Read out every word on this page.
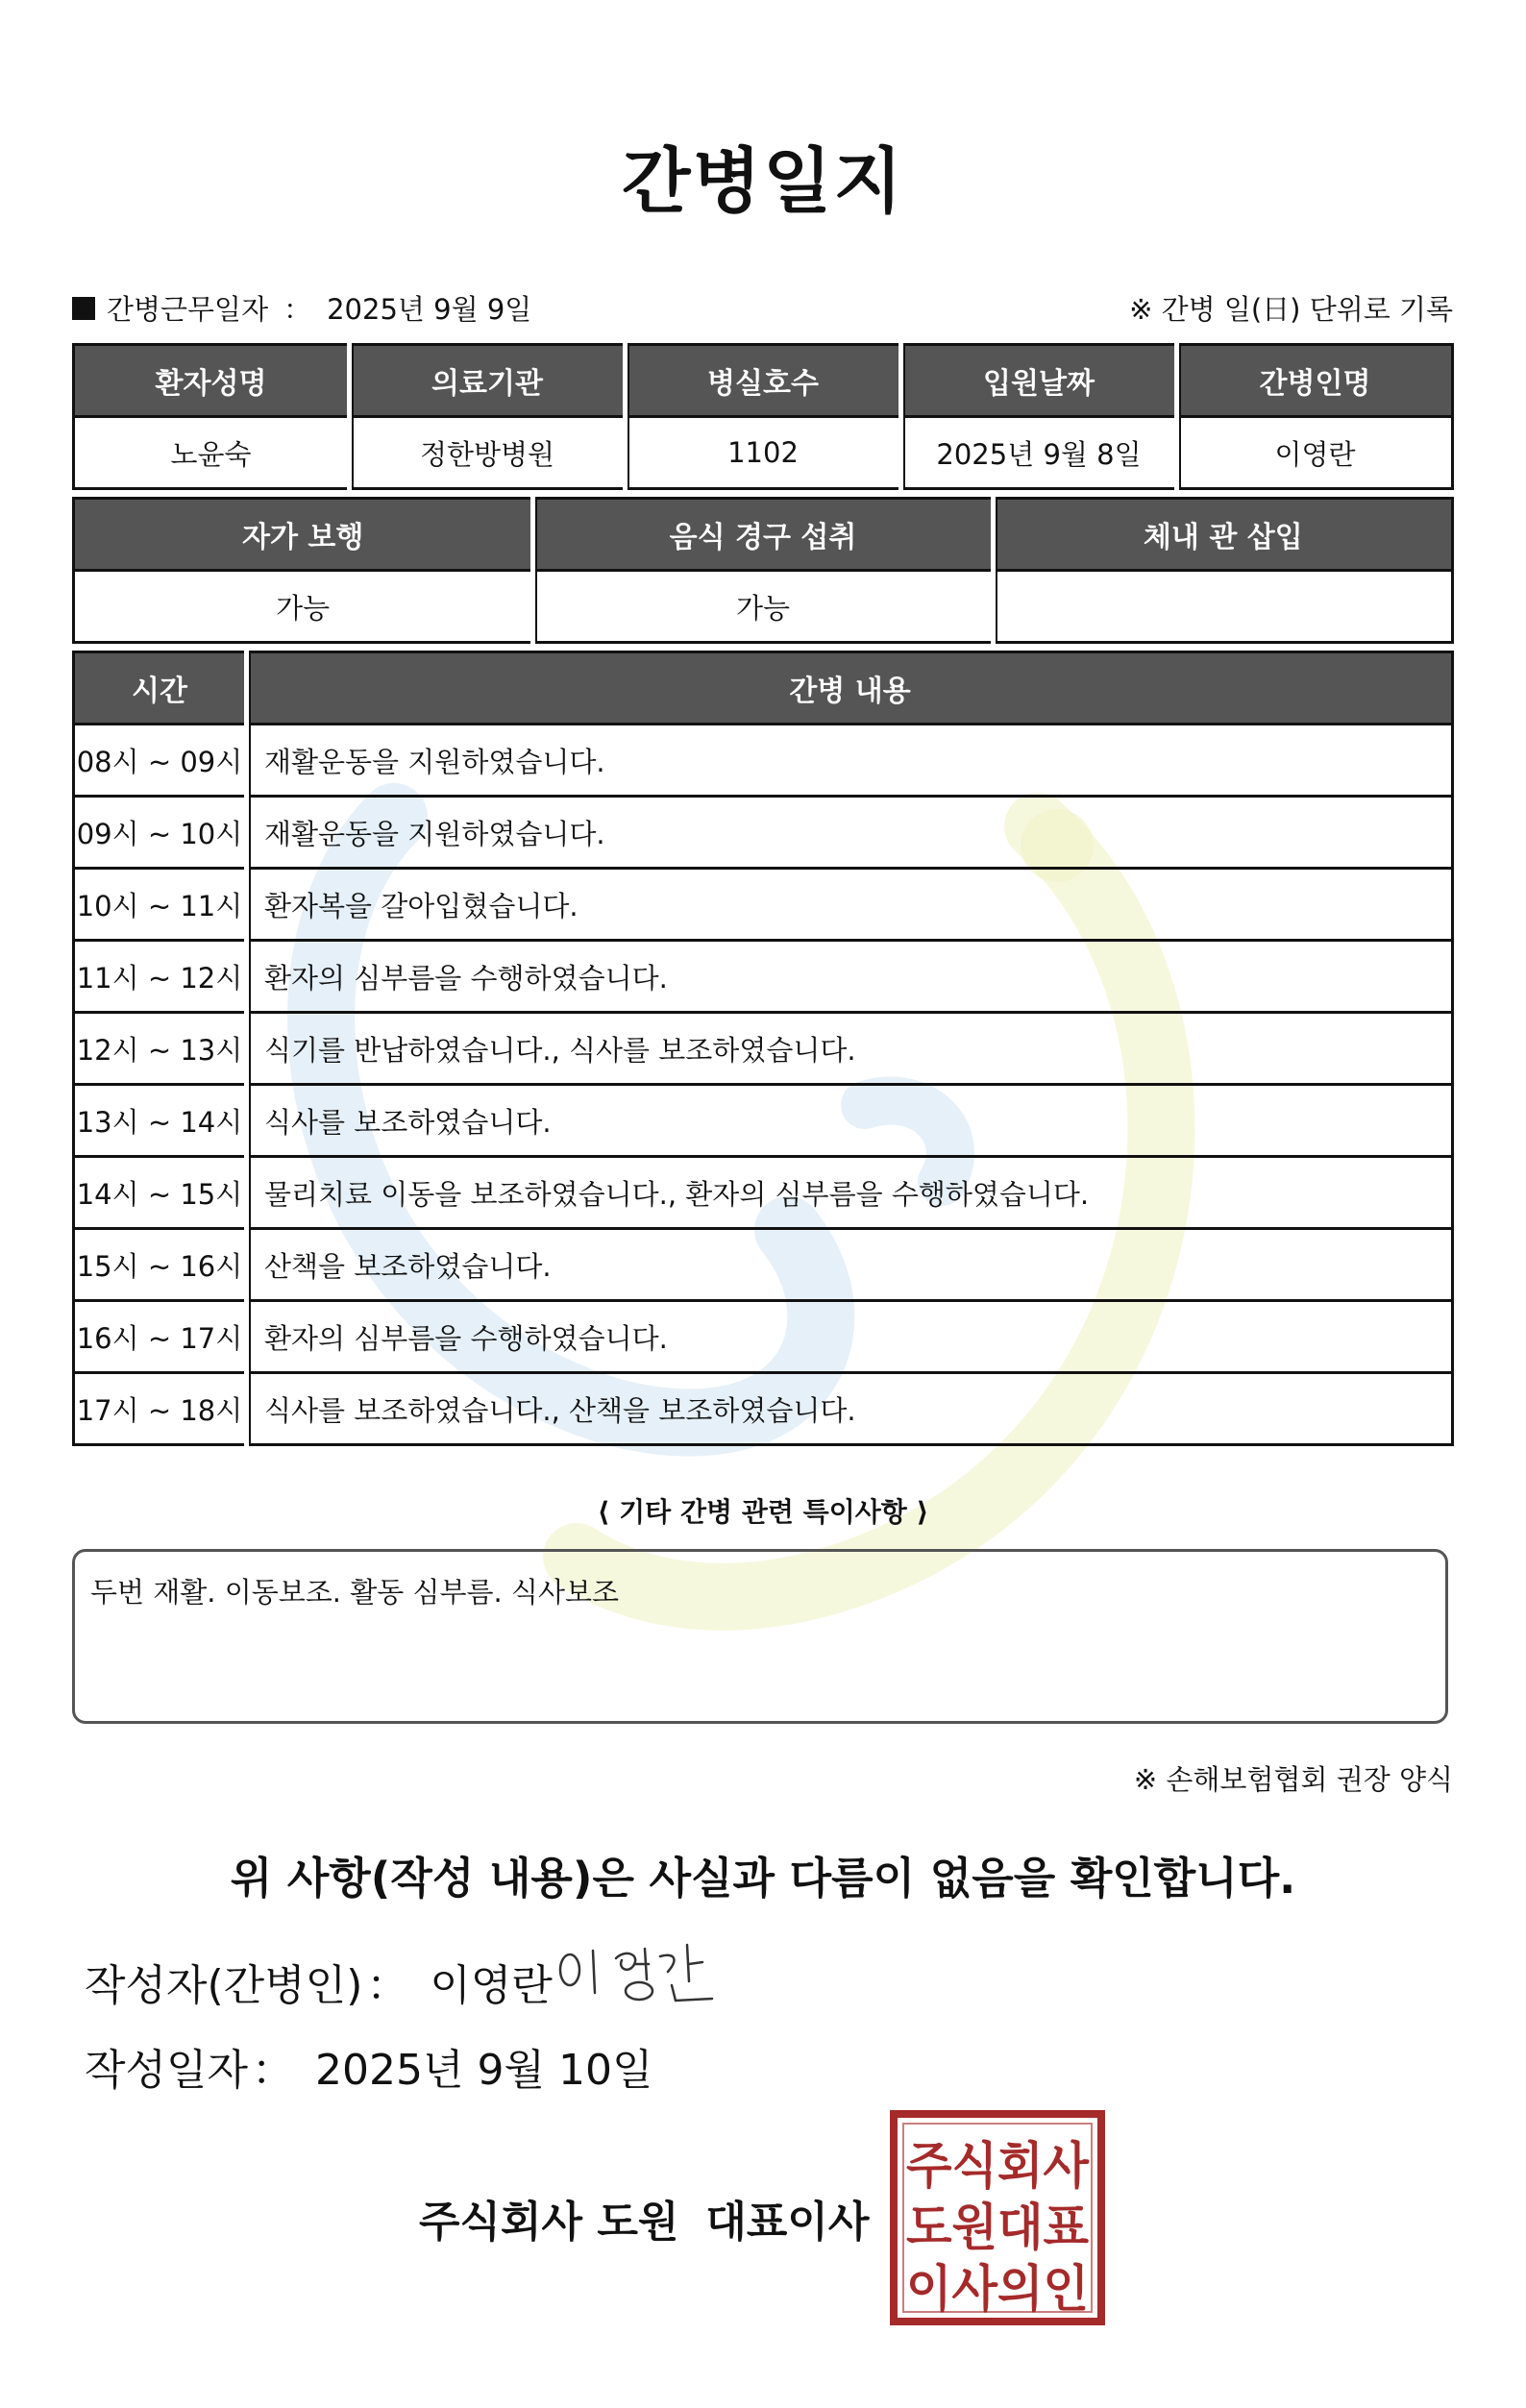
간병일지
간병근무일자 ： 2025년 9월 9일	※ 간병 일(日) 단위로 기록
환자성명	의료기관	병실호수	입원날짜	간병인명
노윤숙	정한방병원	1102	2025년 9월 8일	이영란
자가 보행	음식 경구 섭취	체내 관 삽입
가능	가능	
시간	간병 내용
08시 ~ 09시	재활운동을 지원하였습니다.
09시 ~ 10시	재활운동을 지원하였습니다.
10시 ~ 11시	환자복을 갈아입혔습니다.
11시 ~ 12시	환자의 심부름을 수행하였습니다.
12시 ~ 13시	식기를 반납하였습니다., 식사를 보조하였습니다.
13시 ~ 14시	식사를 보조하였습니다.
14시 ~ 15시	물리치료 이동을 보조하였습니다., 환자의 심부름을 수행하였습니다.
15시 ~ 16시	산책을 보조하였습니다.
16시 ~ 17시	환자의 심부름을 수행하였습니다.
17시 ~ 18시	식사를 보조하였습니다., 산책을 보조하였습니다.
⟨ 기타 간병 관련 특이사항 ⟩
두번 재활. 이동보조. 활동 심부름. 식사보조
※ 손해보험협회 권장 양식
위 사항(작성 내용)은 사실과 다름이 없음을 확인합니다.
작성자(간병인) ： 이영란
작성일자： 2025년 9월 10일
주식회사 도원 대표이사
주식회사
도원대표
이사의인
